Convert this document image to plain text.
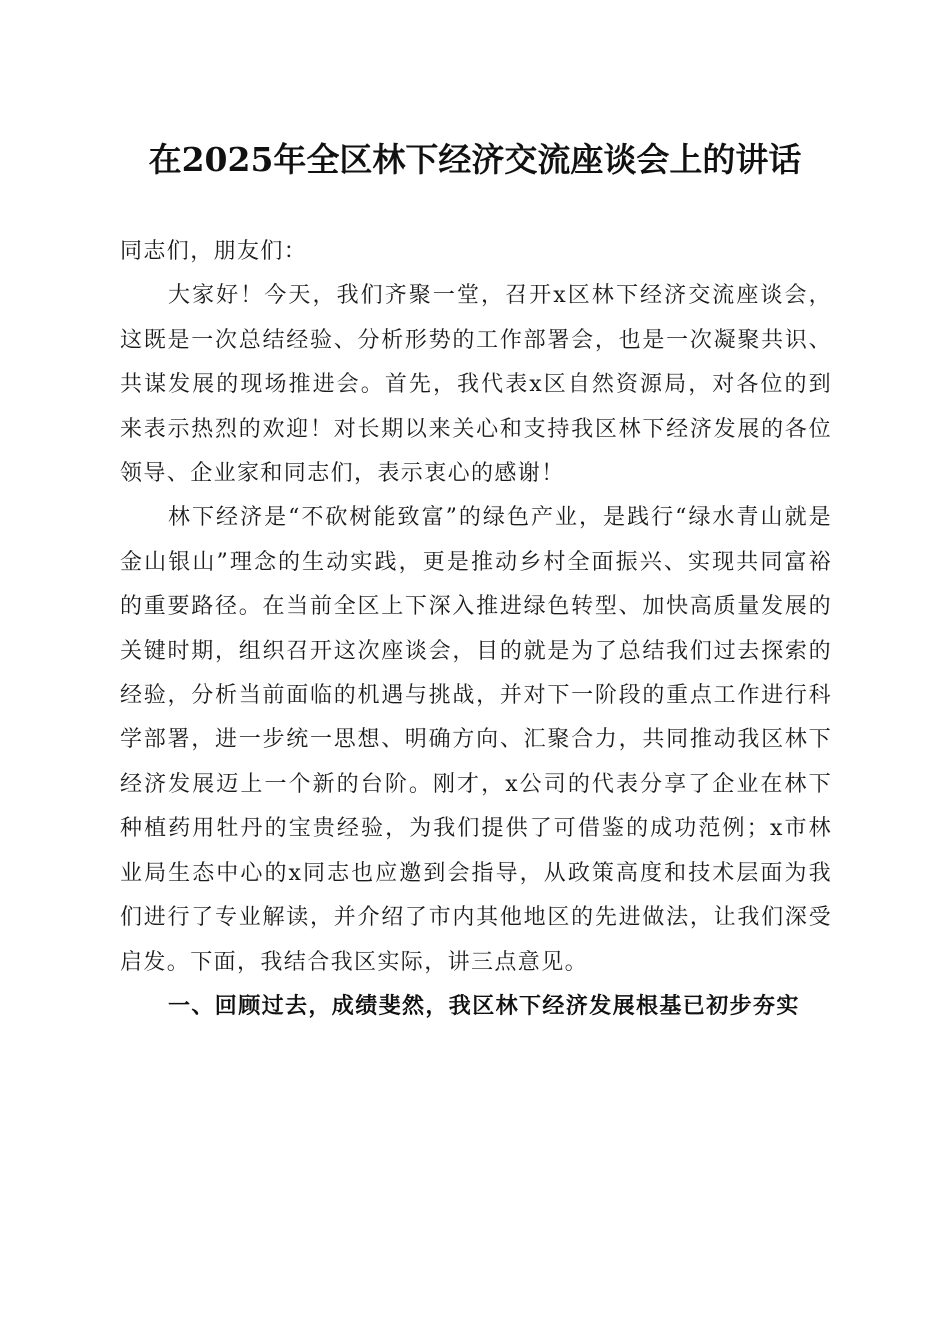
在2025年全区林下经济交流座谈会上的讲话

同志们，朋友们：

大家好！今天，我们齐聚一堂，召开x区林下经济交流座谈会，这既是一次总结经验、分析形势的工作部署会，也是一次凝聚共识、共谋发展的现场推进会。首先，我代表x区自然资源局，对各位的到来表示热烈的欢迎！对长期以来关心和支持我区林下经济发展的各位领导、企业家和同志们，表示衷心的感谢！

林下经济是“不砍树能致富”的绿色产业，是践行“绿水青山就是金山银山”理念的生动实践，更是推动乡村全面振兴、实现共同富裕的重要路径。在当前全区上下深入推进绿色转型、加快高质量发展的关键时期，组织召开这次座谈会，目的就是为了总结我们过去探索的经验，分析当前面临的机遇与挑战，并对下一阶段的重点工作进行科学部署，进一步统一思想、明确方向、汇聚合力，共同推动我区林下经济发展迈上一个新的台阶。刚才，x公司的代表分享了企业在林下种植药用牡丹的宝贵经验，为我们提供了可借鉴的成功范例；x市林业局生态中心的x同志也应邀到会指导，从政策高度和技术层面为我们进行了专业解读，并介绍了市内其他地区的先进做法，让我们深受启发。下面，我结合我区实际，讲三点意见。

一、回顾过去，成绩斐然，我区林下经济发展根基已初步夯实
